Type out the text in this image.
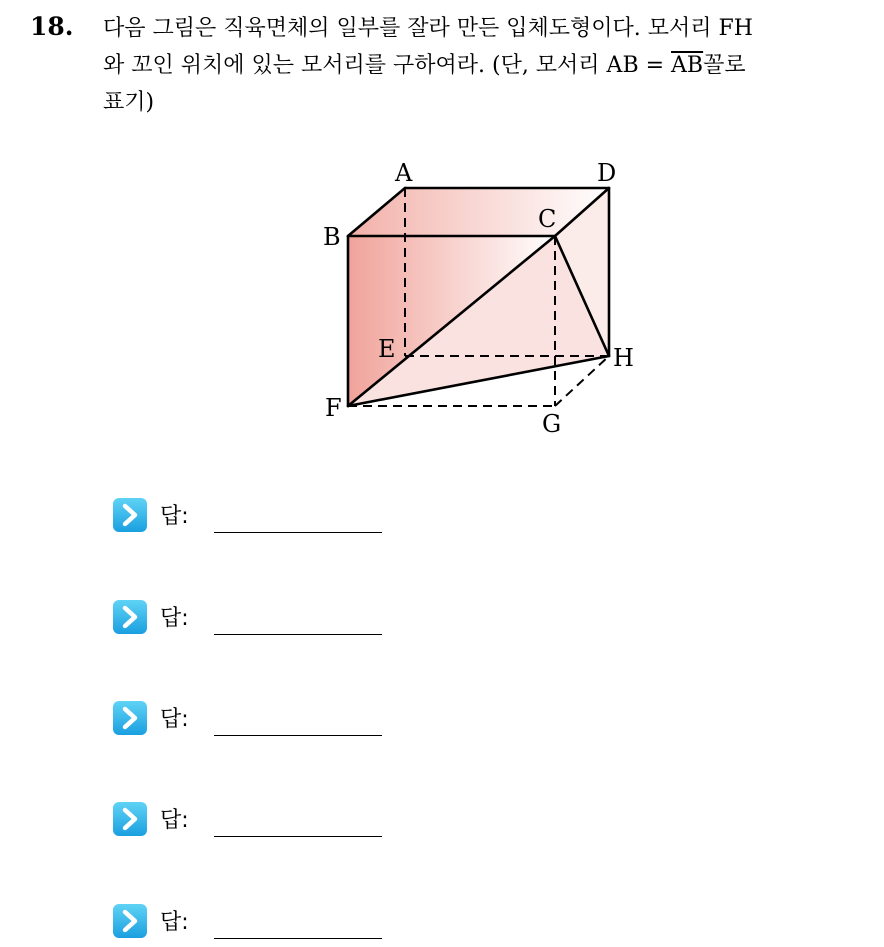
18. 다음 그림은 직육면체의 일부를 잘라 만든 입체도형이다. 모서리 FH
와 꼬인 위치에 있는 모서리를 구하여라. (단, 모서리 AB = $\overline{AB}$꼴로
표기)
A	D
B
C
E	H
F
G
답:
답:
답:
답:
답:
